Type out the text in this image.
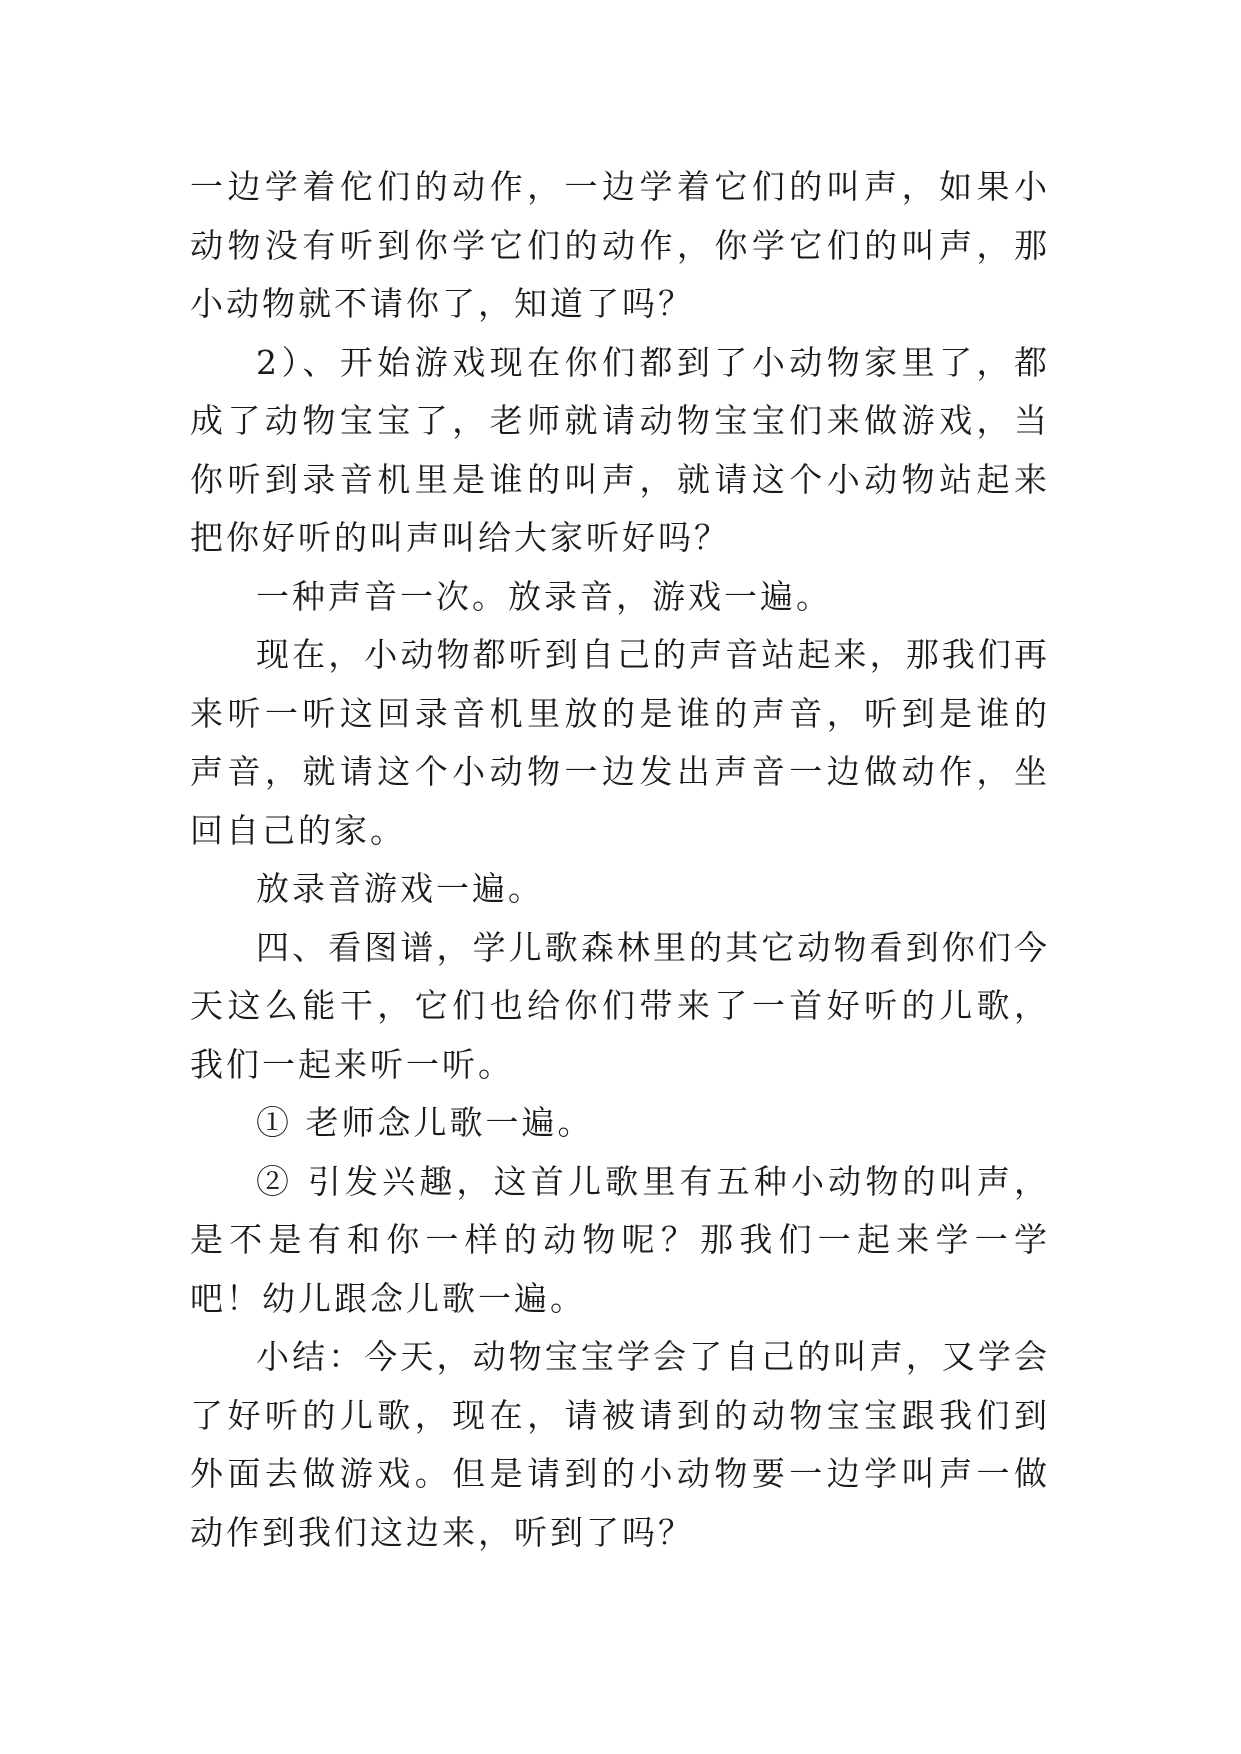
一边学着佗们的动作，一边学着它们的叫声，如果小动物没有听到你学它们的动作，你学它们的叫声，那小动物就不请你了，知道了吗？

2）、开始游戏现在你们都到了小动物家里了，都成了动物宝宝了，老师就请动物宝宝们来做游戏，当你听到录音机里是谁的叫声，就请这个小动物站起来把你好听的叫声叫给大家听好吗？

一种声音一次。放录音，游戏一遍。

现在，小动物都听到自己的声音站起来，那我们再来听一听这回录音机里放的是谁的声音，听到是谁的声音，就请这个小动物一边发出声音一边做动作，坐回自己的家。

放录音游戏一遍。

四、看图谱，学儿歌森林里的其它动物看到你们今天这么能干，它们也给你们带来了一首好听的儿歌，我们一起来听一听。

① 老师念儿歌一遍。

② 引发兴趣，这首儿歌里有五种小动物的叫声，是不是有和你一样的动物呢？那我们一起来学一学吧！幼儿跟念儿歌一遍。

小结：今天，动物宝宝学会了自己的叫声，又学会了好听的儿歌，现在，请被请到的动物宝宝跟我们到外面去做游戏。但是请到的小动物要一边学叫声一做动作到我们这边来，听到了吗？
